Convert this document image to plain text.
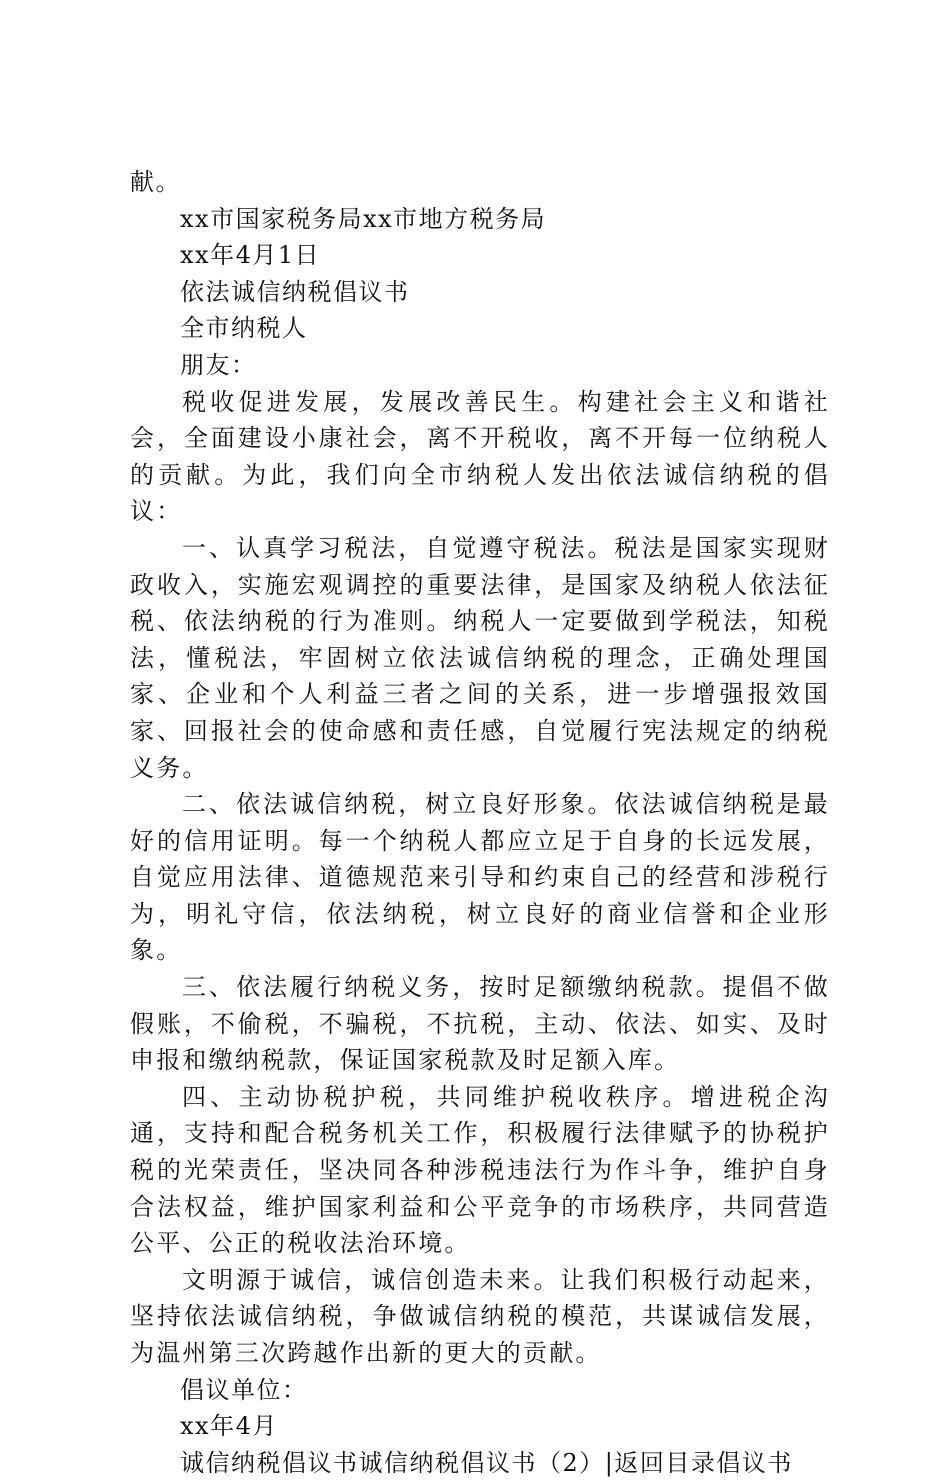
献。
xx市国家税务局xx市地方税务局
xx年4月1日
依法诚信纳税倡议书
全市纳税人
朋友：

税收促进发展，发展改善民生。构建社会主义和谐社会，全面建设小康社会，离不开税收，离不开每一位纳税人的贡献。为此，我们向全市纳税人发出依法诚信纳税的倡议：

一、认真学习税法，自觉遵守税法。税法是国家实现财政收入，实施宏观调控的重要法律，是国家及纳税人依法征税、依法纳税的行为准则。纳税人一定要做到学税法，知税法，懂税法，牢固树立依法诚信纳税的理念，正确处理国家、企业和个人利益三者之间的关系，进一步增强报效国家、回报社会的使命感和责任感，自觉履行宪法规定的纳税义务。

二、依法诚信纳税，树立良好形象。依法诚信纳税是最好的信用证明。每一个纳税人都应立足于自身的长远发展，自觉应用法律、道德规范来引导和约束自己的经营和涉税行为，明礼守信，依法纳税，树立良好的商业信誉和企业形象。

三、依法履行纳税义务，按时足额缴纳税款。提倡不做假账，不偷税，不骗税，不抗税，主动、依法、如实、及时申报和缴纳税款，保证国家税款及时足额入库。

四、主动协税护税，共同维护税收秩序。增进税企沟通，支持和配合税务机关工作，积极履行法律赋予的协税护税的光荣责任，坚决同各种涉税违法行为作斗争，维护自身合法权益，维护国家利益和公平竞争的市场秩序，共同营造公平、公正的税收法治环境。

文明源于诚信，诚信创造未来。让我们积极行动起来，坚持依法诚信纳税，争做诚信纳税的模范，共谋诚信发展，为温州第三次跨越作出新的更大的贡献。

倡议单位：
xx年4月
诚信纳税倡议书诚信纳税倡议书（2）|返回目录倡议书
